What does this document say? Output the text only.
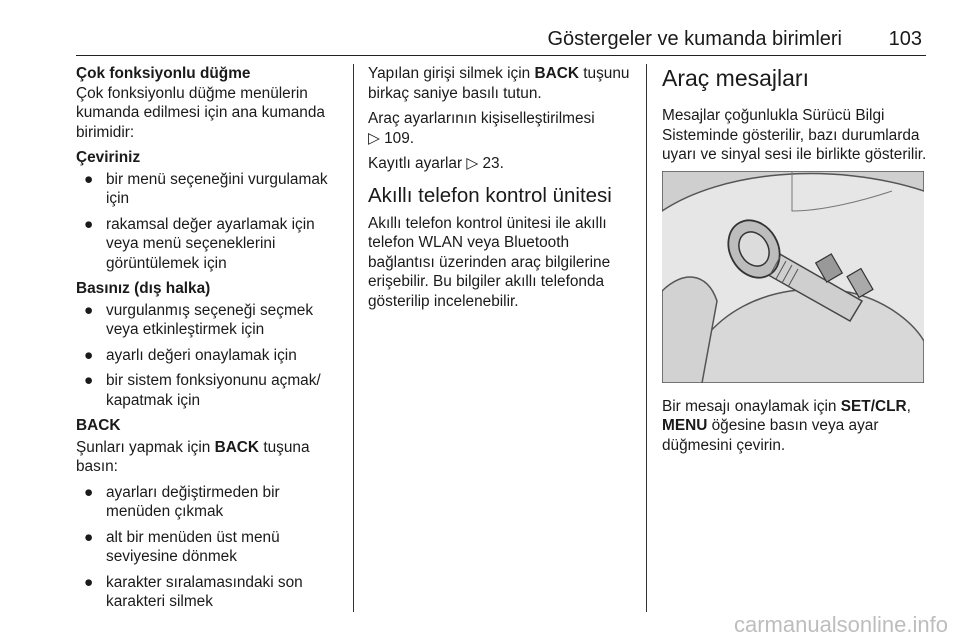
Göstergeler ve kumanda birimleri 103
Çok fonksiyonlu düğme

Çok fonksiyonlu düğme menülerin kumanda edilmesi için ana kumanda birimidir:

Çeviriniz
● bir menü seçeneğini vurgulamak için
● rakamsal değer ayarlamak için veya menü seçeneklerini görüntülemek için
Basınız (dış halka)
● vurgulanmış seçeneği seçmek veya etkinleştirmek için
● ayarlı değeri onaylamak için
● bir sistem fonksiyonunu açmak/ kapatmak için
BACK

Şunları yapmak için BACK tuşuna basın:

● ayarları değiştirmeden bir menüden çıkmak
● alt bir menüden üst menü seviyesine dönmek
● karakter sıralamasındaki son karakteri silmek

Yapılan girişi silmek için BACK tuşunu birkaç saniye basılı tutun.

Araç ayarlarının kişiselleştirilmesi
▷ 109.

Kayıtlı ayarlar ▷ 23.

Akıllı telefon kontrol ünitesi

Akıllı telefon kontrol ünitesi ile akıllı telefon WLAN veya Bluetooth bağlantısı üzerinden araç bilgilerine erişebilir. Bu bilgiler akıllı telefonda gösterilip incelenebilir.

Araç mesajları

Mesajlar çoğunlukla Sürücü Bilgi Sisteminde gösterilir, bazı durumlarda uyarı ve sinyal sesi ile birlikte gösterilir.

Bir mesajı onaylamak için SET/CLR, MENU öğesine basın veya ayar düğmesini çevirin.

carmanualsonline.info
